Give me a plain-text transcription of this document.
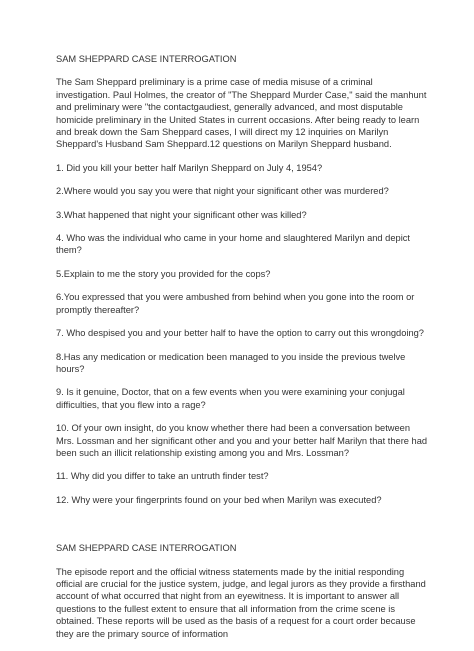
SAM SHEPPARD CASE INTERROGATION
The Sam Sheppard preliminary is a prime case of media misuse of a criminal investigation. Paul Holmes, the creator of "The Sheppard Murder Case," said the manhunt and preliminary were "the contactgaudiest, generally advanced, and most disputable homicide preliminary in the United States in current occasions. After being ready to learn and break down the Sam Sheppard cases, I will direct my 12 inquiries on Marilyn Sheppard's Husband Sam Sheppard.12 questions on Marilyn Sheppard husband.
1. Did you kill your better half Marilyn Sheppard on July 4, 1954?
2.Where would you say you were that night your significant other was murdered?
3.What happened that night your significant other was killed?
4. Who was the individual who came in your home and slaughtered Marilyn and depict them?
5.Explain to me the story you provided for the cops?
6.You expressed that you were ambushed from behind when you gone into the room or promptly thereafter?
7. Who despised you and your better half to have the option to carry out this wrongdoing?
8.Has any medication or medication been managed to you inside the previous twelve hours?
9. Is it genuine, Doctor, that on a few events when you were examining your conjugal difficulties, that you flew into a rage?
10. Of your own insight, do you know whether there had been a conversation between Mrs. Lossman and her significant other and you and your better half Marilyn that there had been such an illicit relationship existing among you and Mrs. Lossman?
11. Why did you differ to take an untruth finder test?
12. Why were your fingerprints found on your bed when Marilyn was executed?
SAM SHEPPARD CASE INTERROGATION
The episode report and the official witness statements made by the initial responding official are crucial for the justice system, judge, and legal jurors as they provide a firsthand account of what occurred that night from an eyewitness. It is important to answer all questions to the fullest extent to ensure that all information from the crime scene is obtained. These reports will be used as the basis of a request for a court order because they are the primary source of information
